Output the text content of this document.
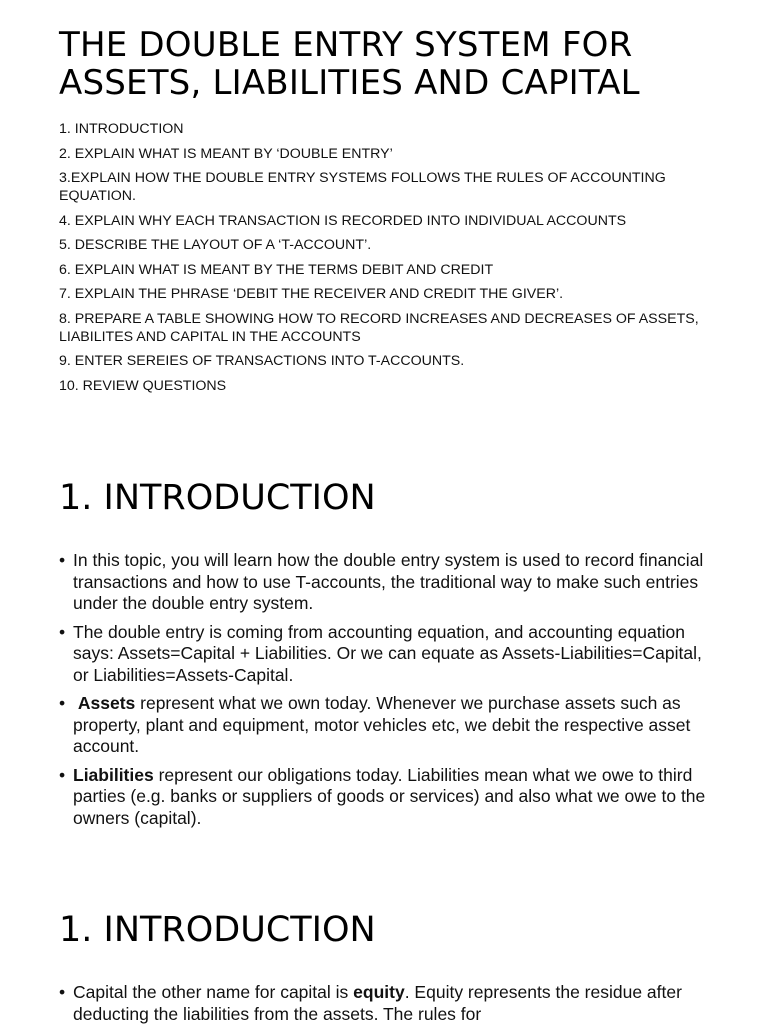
THE DOUBLE ENTRY SYSTEM FOR ASSETS, LIABILITIES AND CAPITAL
1. INTRODUCTION
2. EXPLAIN WHAT IS MEANT BY ‘DOUBLE ENTRY’
3.EXPLAIN HOW THE DOUBLE ENTRY SYSTEMS FOLLOWS THE RULES OF ACCOUNTING EQUATION.
4. EXPLAIN WHY EACH TRANSACTION IS RECORDED INTO INDIVIDUAL ACCOUNTS
5. DESCRIBE THE LAYOUT OF A ‘T-ACCOUNT’.
6. EXPLAIN WHAT IS MEANT BY THE TERMS DEBIT AND CREDIT
7. EXPLAIN THE PHRASE ‘DEBIT THE RECEIVER AND CREDIT THE GIVER’.
8. PREPARE A TABLE SHOWING HOW TO RECORD INCREASES AND DECREASES OF ASSETS, LIABILITES AND CAPITAL IN THE ACCOUNTS
9. ENTER SEREIES OF TRANSACTIONS INTO T-ACCOUNTS.
10. REVIEW QUESTIONS
1. INTRODUCTION
• In this topic, you will learn how the double entry system is used to record financial transactions and how to use T-accounts, the traditional way to make such entries under the double entry system.
• The double entry is coming from accounting equation, and accounting equation says: Assets=Capital + Liabilities. Or we can equate as Assets-Liabilities=Capital, or Liabilities=Assets-Capital.
• Assets represent what we own today. Whenever we purchase assets such as property, plant and equipment, motor vehicles etc, we debit the respective asset account.
• Liabilities represent our obligations today. Liabilities mean what we owe to third parties (e.g. banks or suppliers of goods or services) and also what we owe to the owners (capital).
1. INTRODUCTION
• Capital the other name for capital is equity. Equity represents the residue after deducting the liabilities from the assets. The rules for
